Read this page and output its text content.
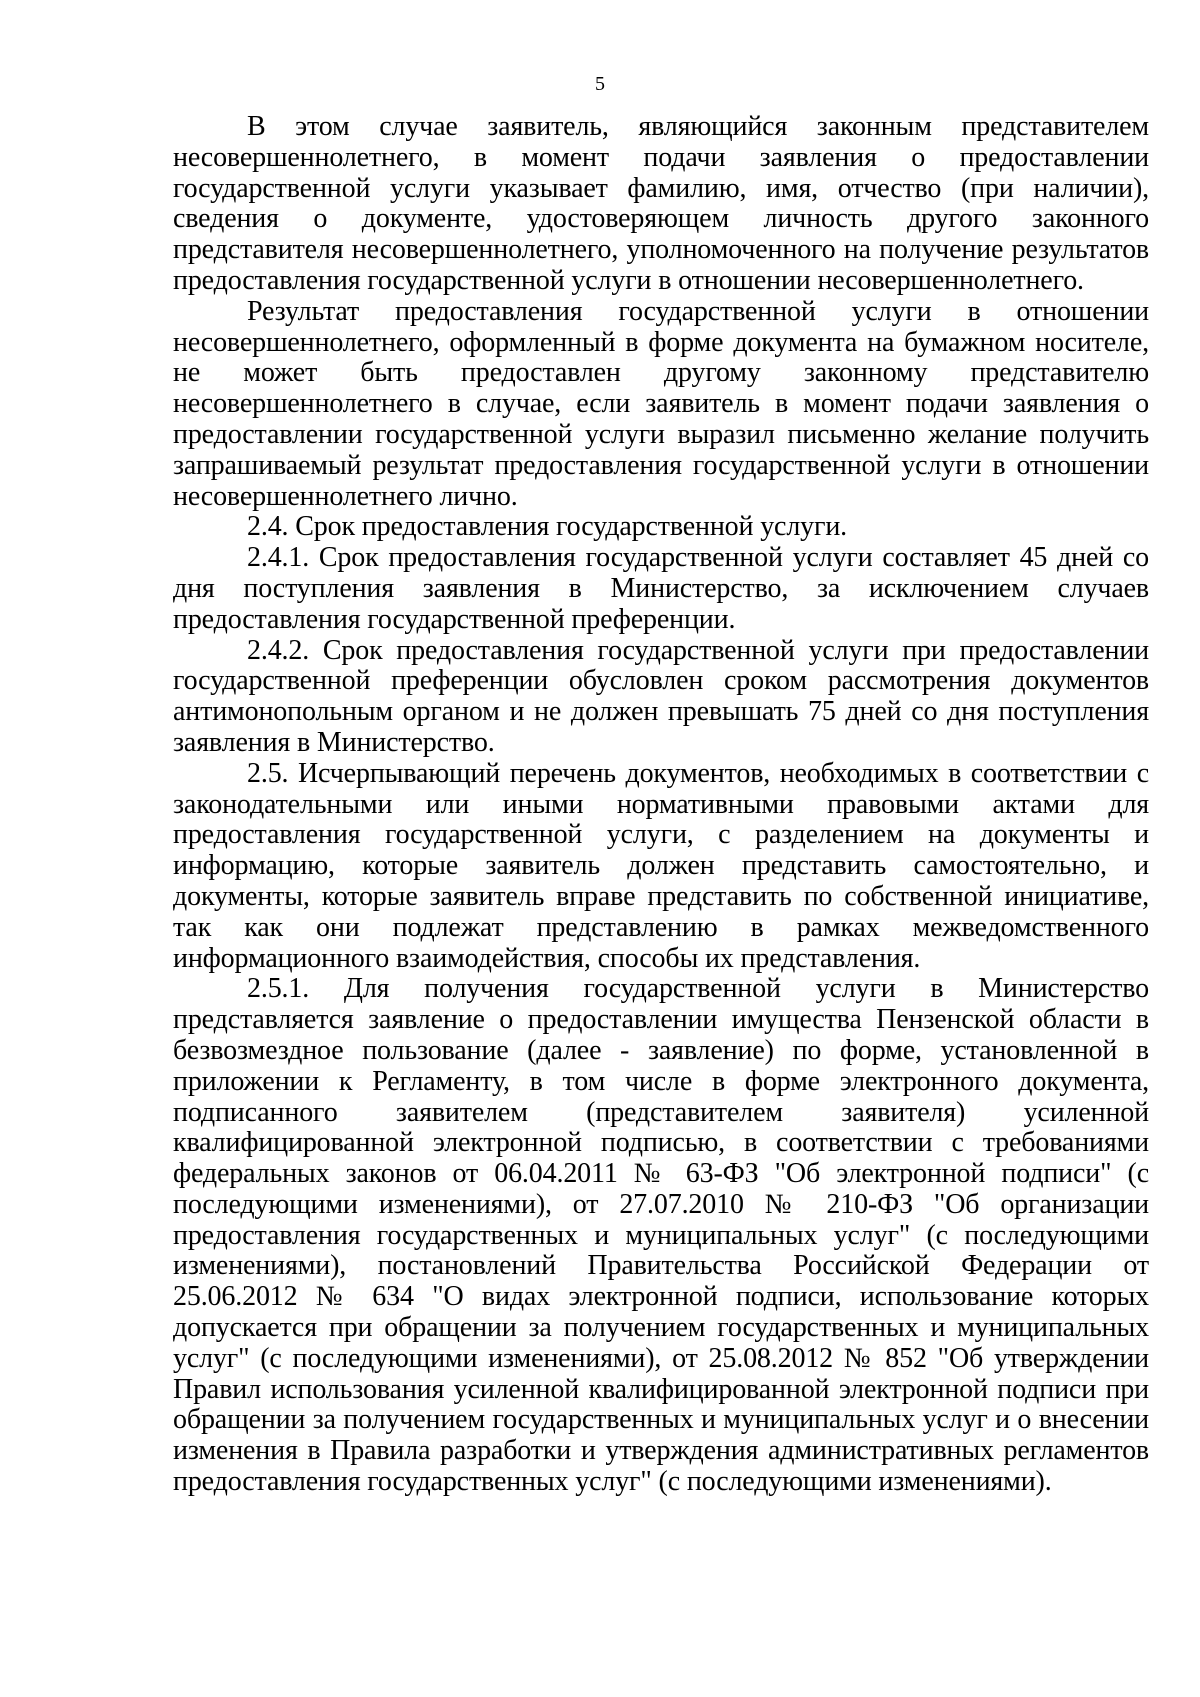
5

В этом случае заявитель, являющийся законным представителем несовершеннолетнего, в момент подачи заявления о предоставлении государственной услуги указывает фамилию, имя, отчество (при наличии), сведения о документе, удостоверяющем личность другого законного представителя несовершеннолетнего, уполномоченного на получение результатов предоставления государственной услуги в отношении несовершеннолетнего.

Результат предоставления государственной услуги в отношении несовершеннолетнего, оформленный в форме документа на бумажном носителе, не может быть предоставлен другому законному представителю несовершеннолетнего в случае, если заявитель в момент подачи заявления о предоставлении государственной услуги выразил письменно желание получить запрашиваемый результат предоставления государственной услуги в отношении несовершеннолетнего лично.

2.4. Срок предоставления государственной услуги.

2.4.1. Срок предоставления государственной услуги составляет 45 дней со дня поступления заявления в Министерство, за исключением случаев предоставления государственной преференции.

2.4.2. Срок предоставления государственной услуги при предоставлении государственной преференции обусловлен сроком рассмотрения документов антимонопольным органом и не должен превышать 75 дней со дня поступления заявления в Министерство.

2.5. Исчерпывающий перечень документов, необходимых в соответствии с законодательными или иными нормативными правовыми актами для предоставления государственной услуги, с разделением на документы и информацию, которые заявитель должен представить самостоятельно, и документы, которые заявитель вправе представить по собственной инициативе, так как они подлежат представлению в рамках межведомственного информационного взаимодействия, способы их представления.

2.5.1. Для получения государственной услуги в Министерство представляется заявление о предоставлении имущества Пензенской области в безвозмездное пользование (далее - заявление) по форме, установленной в приложении к Регламенту, в том числе в форме электронного документа, подписанного заявителем (представителем заявителя) усиленной квалифицированной электронной подписью, в соответствии с требованиями федеральных законов от 06.04.2011 № 63-ФЗ "Об электронной подписи" (с последующими изменениями), от 27.07.2010 № 210-ФЗ "Об организации предоставления государственных и муниципальных услуг" (с последующими изменениями), постановлений Правительства Российской Федерации от 25.06.2012 № 634 "О видах электронной подписи, использование которых допускается при обращении за получением государственных и муниципальных услуг" (с последующими изменениями), от 25.08.2012 № 852 "Об утверждении Правил использования усиленной квалифицированной электронной подписи при обращении за получением государственных и муниципальных услуг и о внесении изменения в Правила разработки и утверждения административных регламентов предоставления государственных услуг" (с последующими изменениями).
